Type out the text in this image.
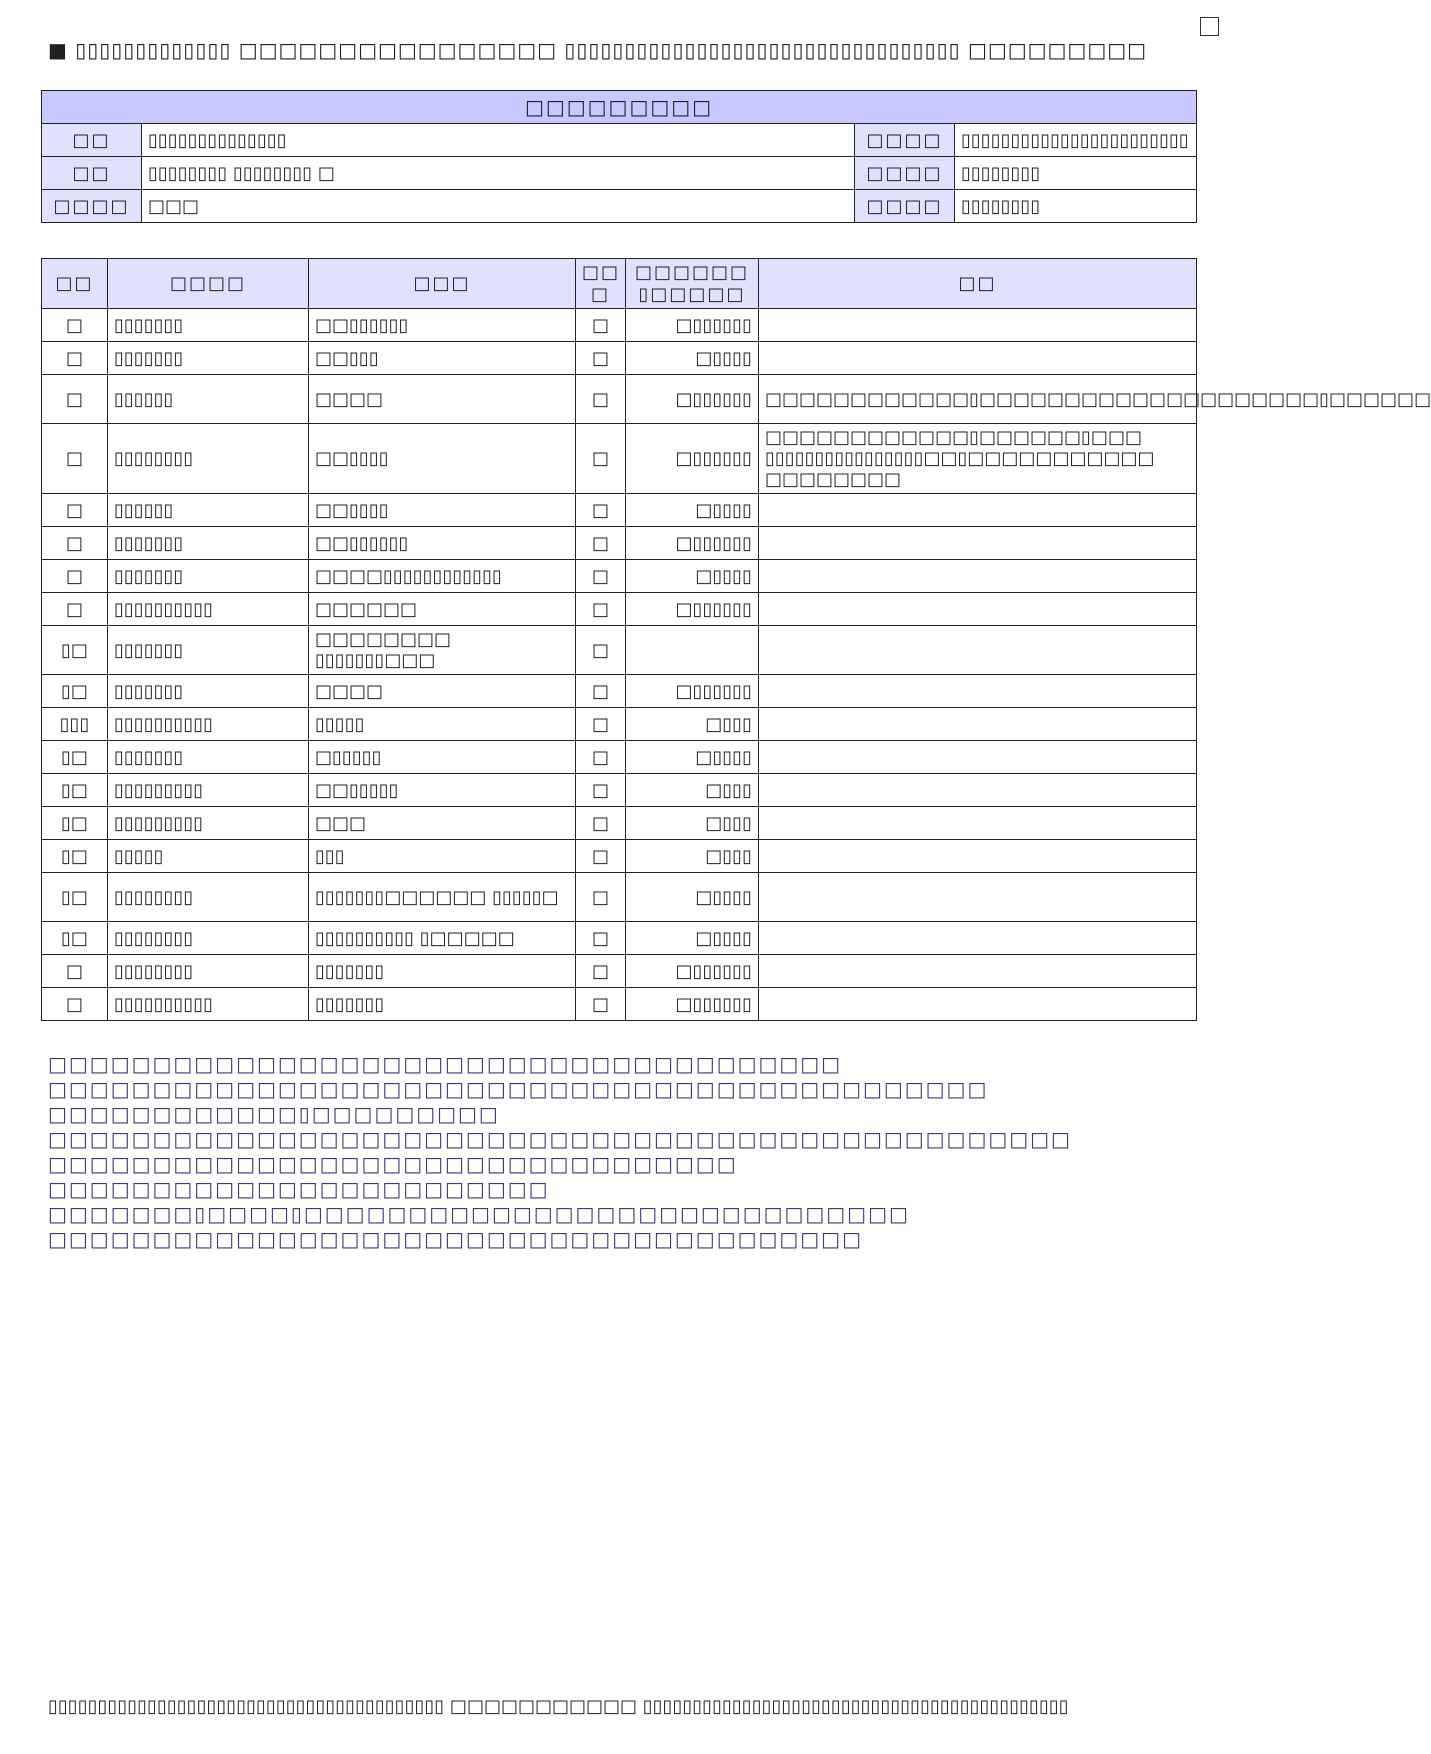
■ ▯▯▯▯▯▯▯▯▯▯▯▯▯ □□□□□□□□□□□□□□□□ ▯▯▯▯▯▯▯▯▯▯▯▯▯▯▯▯▯▯▯▯▯▯▯▯▯▯▯▯▯▯▯▯▯ □□□□□□□□□
□□□□□□□□□			
□□	▯▯▯▯▯▯▯▯▯▯▯▯▯▯	□□□□	▯▯▯▯▯▯▯▯▯▯▯▯▯▯▯▯▯▯▯▯▯▯▯
□□	▯▯▯▯▯▯▯▯ ▯▯▯▯▯▯▯▯ □	□□□□	▯▯▯▯▯▯▯▯
□□□□	□□□	□□□□	▯▯▯▯▯▯▯▯
□□	□□□□	□□□	□□ □	□□□□□□ ▯□□□□□	□□
□	▯▯▯▯▯▯▯	□□▯▯▯▯▯▯	□	□▯▯▯▯▯▯	
□	▯▯▯▯▯▯▯	□□▯▯▯	□	□▯▯▯▯	
□	▯▯▯▯▯▯	□□□□	□	□▯▯▯▯▯▯	□□□□□□□□□□□□▯□□□□□□□□□□□□□□□□□□□□▯□□□□□□
□	▯▯▯▯▯▯▯▯	□□▯▯▯▯	□	□▯▯▯▯▯▯	□□□□□□□□□□□□▯□□□□□□▯□□□ ▯▯▯▯▯▯▯▯▯▯▯▯▯▯▯▯□□▯□□□□□□□□□□□ □□□□□□□□
□	▯▯▯▯▯▯	□□▯▯▯▯	□	□▯▯▯▯	
□	▯▯▯▯▯▯▯	□□▯▯▯▯▯▯	□	□▯▯▯▯▯▯	
□	▯▯▯▯▯▯▯	□□□□▯▯▯▯▯▯▯▯▯▯▯▯	□	□▯▯▯▯	
□	▯▯▯▯▯▯▯▯▯▯	□□□□□□	□	□▯▯▯▯▯▯	
▯□	▯▯▯▯▯▯▯	□□□□□□□□ ▯▯▯▯▯▯▯□□□	□		
▯□	▯▯▯▯▯▯▯	□□□□	□	□▯▯▯▯▯▯	
▯▯▯	▯▯▯▯▯▯▯▯▯▯	▯▯▯▯▯	□	□▯▯▯	
▯□	▯▯▯▯▯▯▯	□▯▯▯▯▯	□	□▯▯▯▯	
▯□	▯▯▯▯▯▯▯▯▯	□□▯▯▯▯▯	□	□▯▯▯	
▯□	▯▯▯▯▯▯▯▯▯	□□□	□	□▯▯▯	
▯□	▯▯▯▯▯	▯▯▯	□	□▯▯▯	
▯□	▯▯▯▯▯▯▯▯	▯▯▯▯▯▯▯□□□□□□ ▯▯▯▯▯□	□	□▯▯▯▯	
▯□	▯▯▯▯▯▯▯▯	▯▯▯▯▯▯▯▯▯▯ ▯□□□□□	□	□▯▯▯▯	
□	▯▯▯▯▯▯▯▯	▯▯▯▯▯▯▯	□	□▯▯▯▯▯▯	
□	▯▯▯▯▯▯▯▯▯▯	▯▯▯▯▯▯▯	□	□▯▯▯▯▯▯	
□□□□□□□□□□□□□□□□□□□□□□□□□□□□□□□□□□□□□□
□□□□□□□□□□□□□□□□□□□□□□□□□□□□□□□□□□□□□□□□□□□□□
□□□□□□□□□□□□▯□□□□□□□□□
□□□□□□□□□□□□□□□□□□□□□□□□□□□□□□□□□□□□□□□□□□□□□□□□□
□□□□□□□□□□□□□□□□□□□□□□□□□□□□□□□□□
□□□□□□□□□□□□□□□□□□□□□□□□
□□□□□□□▯□□□□▯□□□□□□□□□□□□□□□□□□□□□□□□□□□□□
□□□□□□□□□□□□□□□□□□□□□□□□□□□□□□□□□□□□□□□
▯▯▯▯▯▯▯▯▯▯▯▯▯▯▯▯▯▯▯▯▯▯▯▯▯▯▯▯▯▯▯▯▯▯▯▯▯▯▯▯ □□□□□□□□□□□ ▯▯▯▯▯▯▯▯▯▯▯▯▯▯▯▯▯▯▯▯▯▯▯▯▯▯▯▯▯▯▯▯▯▯▯▯▯▯▯▯▯▯▯
